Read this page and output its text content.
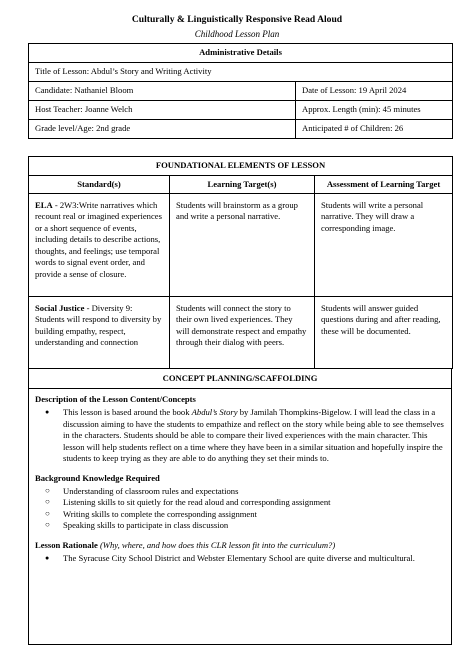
Culturally & Linguistically Responsive Read Aloud
Childhood Lesson Plan
Administrative Details	
Title of Lesson: Abdul’s Story and Writing Activity	
Candidate: Nathaniel Bloom	Date of Lesson: 19 April 2024
Host Teacher: Joanne Welch	Approx. Length (min): 45 minutes
Grade level/Age: 2nd grade	Anticipated # of Children: 26
FOUNDATIONAL ELEMENTS OF LESSON		
Standard(s)	Learning Target(s)	Assessment of Learning Target
ELA - 2W3:Write narratives which recount real or imagined experiences or a short sequence of events, including details to describe actions, thoughts, and feelings; use temporal words to signal event order, and provide a sense of closure.	Students will brainstorm as a group and write a personal narrative.	Students will write a personal narrative. They will draw a corresponding image.
Social Justice - Diversity 9: Students will respond to diversity by building empathy, respect, understanding and connection	Students will connect the story to their own lived experiences. They will demonstrate respect and empathy through their dialog with peers.	Students will answer guided questions during and after reading, these will be documented.
CONCEPT PLANNING/SCAFFOLDING

Description of the Lesson Content/Concepts

● This lesson is based around the book Abdul’s Story by Jamilah Thompkins-Bigelow. I will lead the class in a discussion aiming to have the students to empathize and reflect on the story while being able to see themselves in the characters. Students should be able to compare their lived experiences with the main character. This lesson will help students reflect on a time where they have been in a similar situation and hopefully inspire the students to keep trying as they are able to do anything they set their minds to.

Background Knowledge Required

○ Understanding of classroom rules and expectations
○ Listening skills to sit quietly for the read aloud and corresponding assignment
○ Writing skills to complete the corresponding assignment
○ Speaking skills to participate in class discussion

Lesson Rationale (Why, where, and how does this CLR lesson fit into the curriculum?)

● The Syracuse City School District and Webster Elementary School are quite diverse and multicultural.
